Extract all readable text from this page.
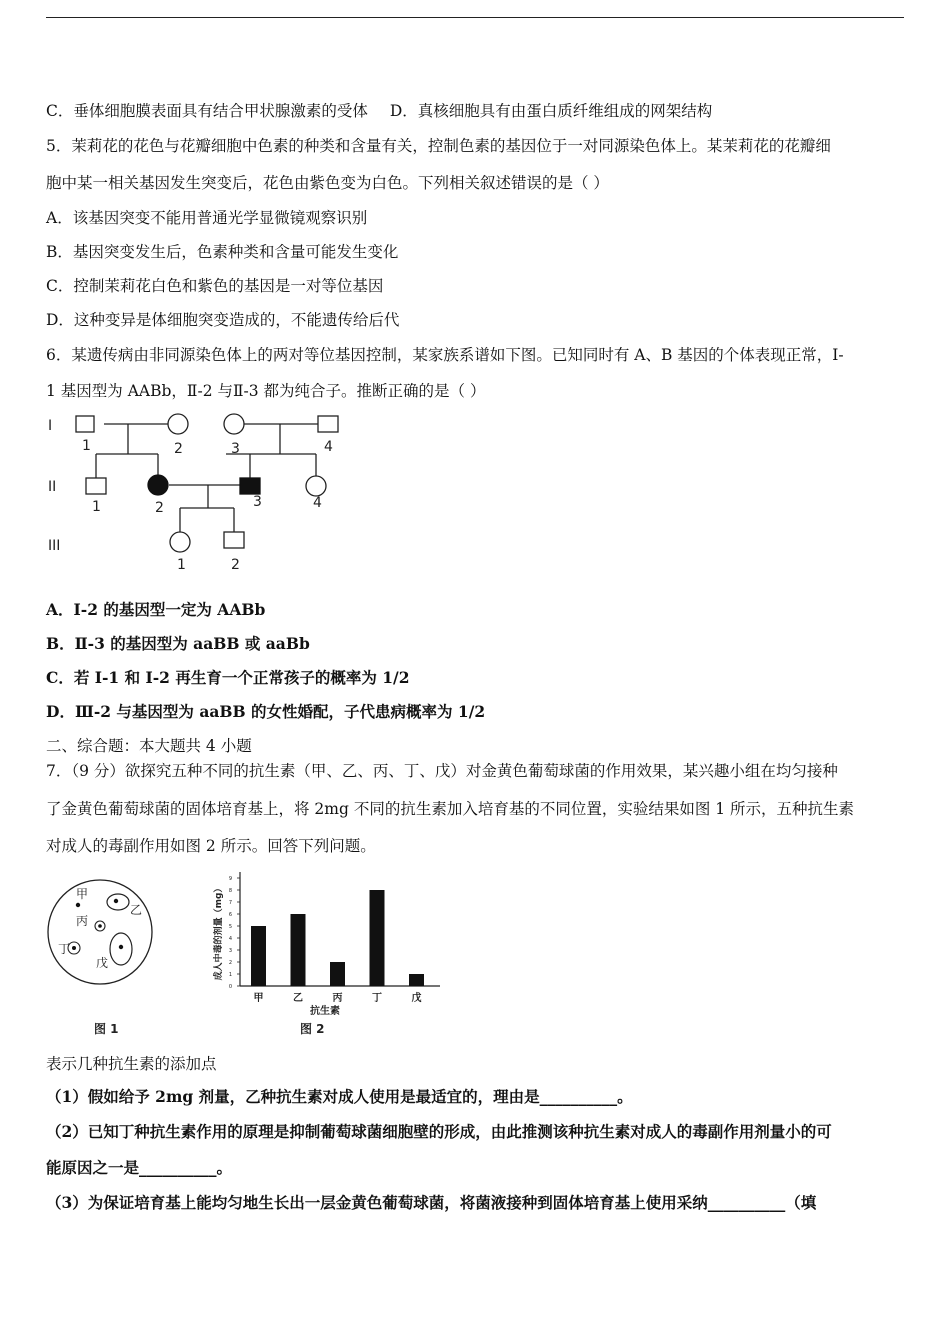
C．垂体细胞膜表面具有结合甲状腺激素的受体 D．真核细胞具有由蛋白质纤维组成的网架结构
5．茉莉花的花色与花瓣细胞中色素的种类和含量有关，控制色素的基因位于一对同源染色体上。某茉莉花的花瓣细
胞中某一相关基因发生突变后，花色由紫色变为白色。下列相关叙述错误的是（ ）
A．该基因突变不能用普通光学显微镜观察识别
B．基因突变发生后，色素种类和含量可能发生变化
C．控制茉莉花白色和紫色的基因是一对等位基因
D．这种变异是体细胞突变造成的，不能遗传给后代
6．某遗传病由非同源染色体上的两对等位基因控制，某家族系谱如下图。已知同时有 A、B 基因的个体表现正常，I-
1 基因型为 AABb，Ⅱ-2 与Ⅱ-3 都为纯合子。推断正确的是（ ）
I
II
III
1	2	3	4
1	2	3	4
1	2
A．I-2 的基因型一定为 AABb
B．Ⅱ-3 的基因型为 aaBB 或 aaBb
C．若 I-1 和 I-2 再生育一个正常孩子的概率为 1/2
D．Ⅲ-2 与基因型为 aaBB 的女性婚配，子代患病概率为 1/2
二、综合题：本大题共 4 小题
7．（9 分）欲探究五种不同的抗生素（甲、乙、丙、丁、戊）对金黄色葡萄球菌的作用效果，某兴趣小组在均匀接种
了金黄色葡萄球菌的固体培育基上，将 2mg 不同的抗生素加入培育基的不同位置，实验结果如图 1 所示，五种抗生素
对成人的毒副作用如图 2 所示。回答下列问题。
甲
乙
丙
丁
戊
图 1
成人中毒的剂量（mg）
0
1
2
3
4
5
6
7
8
9
甲	乙	丙	丁	戊
抗生素
图 2
表示几种抗生素的添加点
（1）假如给予 2mg 剂量，乙种抗生素对成人使用是最适宜的，理由是__________。
（2）已知丁种抗生素作用的原理是抑制葡萄球菌细胞壁的形成，由此推测该种抗生素对成人的毒副作用剂量小的可
能原因之一是__________。
（3）为保证培育基上能均匀地生长出一层金黄色葡萄球菌，将菌液接种到固体培育基上使用采纳__________（填
